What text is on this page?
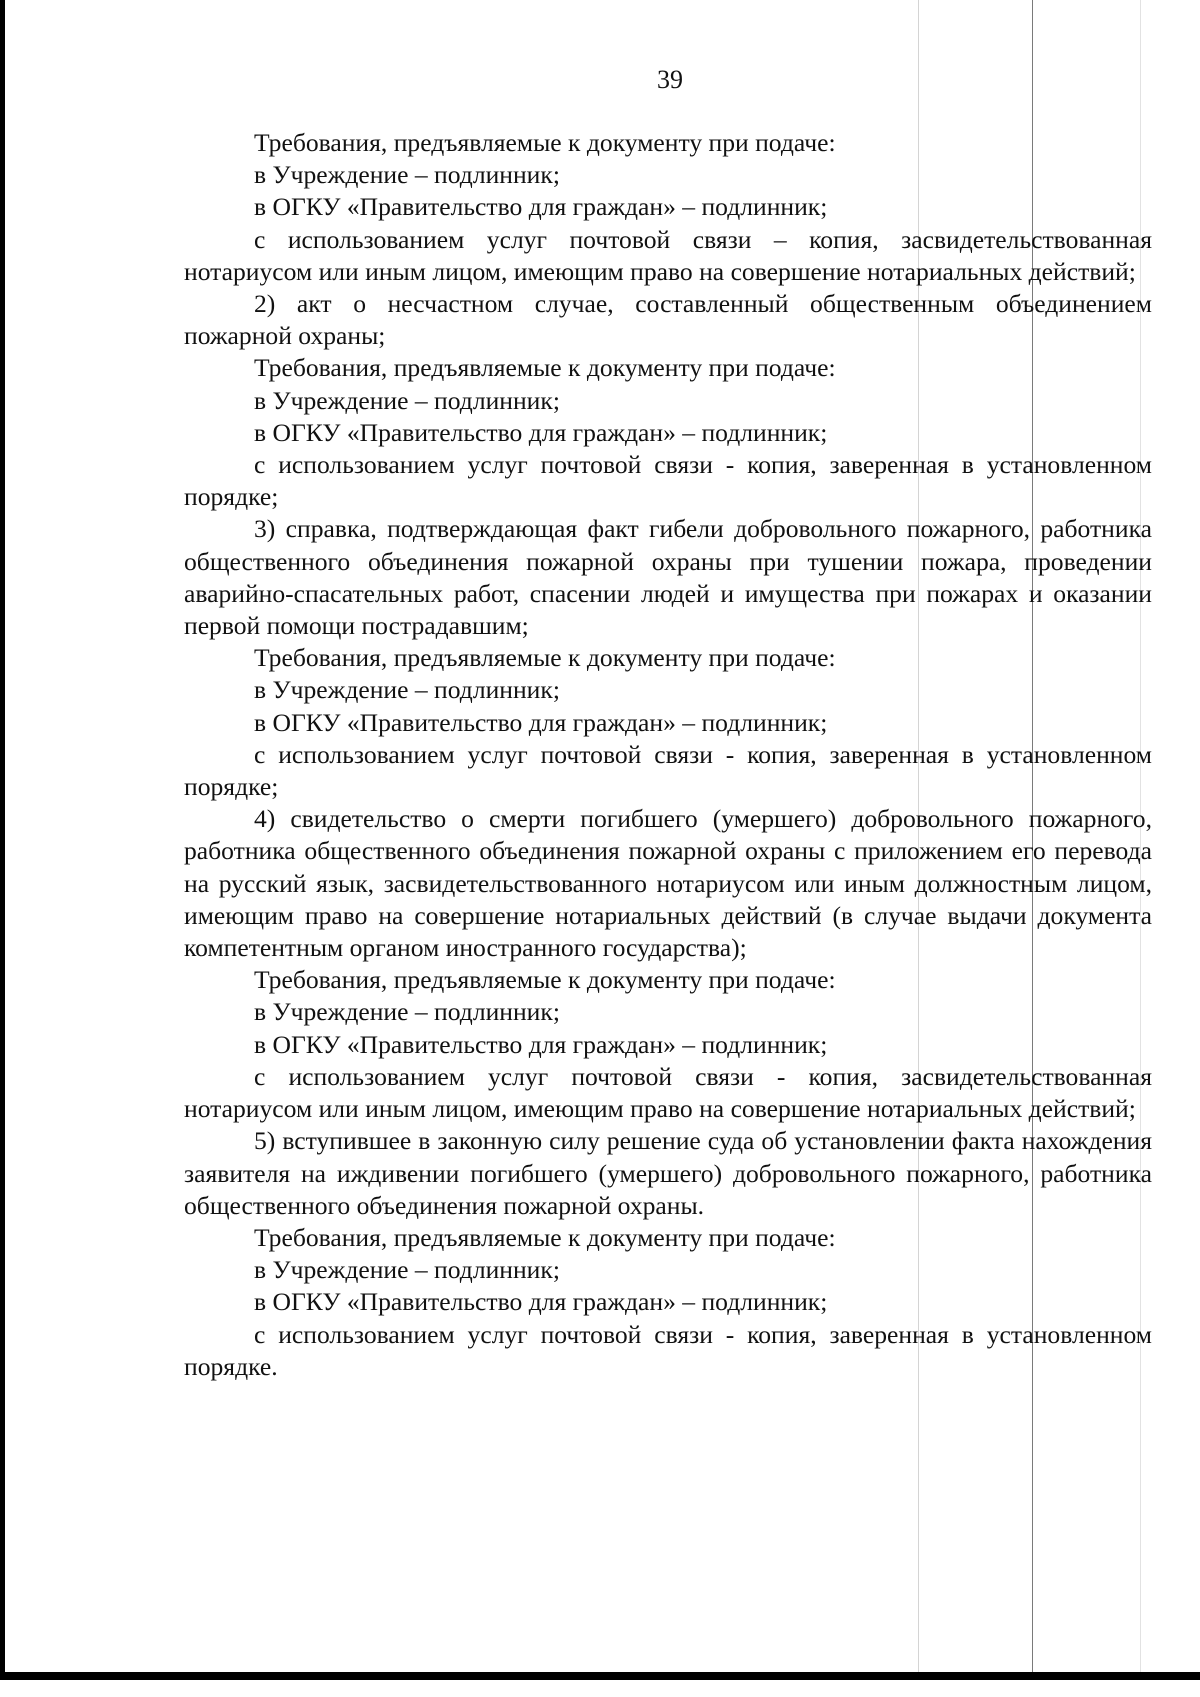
39

Требования, предъявляемые к документу при подаче:

в Учреждение – подлинник;

в ОГКУ «Правительство для граждан» – подлинник;

с использованием услуг почтовой связи – копия, засвидетельствованная нотариусом или иным лицом, имеющим право на совершение нотариальных действий;

2) акт о несчастном случае, составленный общественным объединением пожарной охраны;

Требования, предъявляемые к документу при подаче:

в Учреждение – подлинник;

в ОГКУ «Правительство для граждан» – подлинник;

с использованием услуг почтовой связи - копия, заверенная в установленном порядке;

3) справка, подтверждающая факт гибели добровольного пожарного, работника общественного объединения пожарной охраны при тушении пожара, проведении аварийно-спасательных работ, спасении людей и имущества при пожарах и оказании первой помощи пострадавшим;

Требования, предъявляемые к документу при подаче:

в Учреждение – подлинник;

в ОГКУ «Правительство для граждан» – подлинник;

с использованием услуг почтовой связи - копия, заверенная в установленном порядке;

4) свидетельство о смерти погибшего (умершего) добровольного пожарного, работника общественного объединения пожарной охраны с приложением его перевода на русский язык, засвидетельствованного нотариусом или иным должностным лицом, имеющим право на совершение нотариальных действий (в случае выдачи документа компетентным органом иностранного государства);

Требования, предъявляемые к документу при подаче:

в Учреждение – подлинник;

в ОГКУ «Правительство для граждан» – подлинник;

с использованием услуг почтовой связи - копия, засвидетельствованная нотариусом или иным лицом, имеющим право на совершение нотариальных действий;

5) вступившее в законную силу решение суда об установлении факта нахождения заявителя на иждивении погибшего (умершего) добровольного пожарного, работника общественного объединения пожарной охраны.

Требования, предъявляемые к документу при подаче:

в Учреждение – подлинник;

в ОГКУ «Правительство для граждан» – подлинник;

с использованием услуг почтовой связи - копия, заверенная в установленном порядке.
